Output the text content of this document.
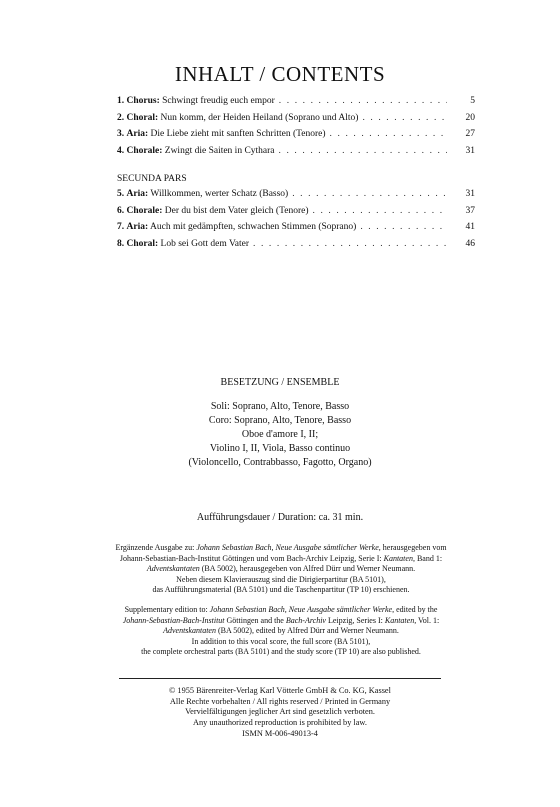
INHALT / CONTENTS
1. Chorus: Schwingt freudig euch empor . . .	5
2. Choral: Nun komm, der Heiden Heiland (Soprano und Alto) . . .	20
3. Aria: Die Liebe zieht mit sanften Schritten (Tenore) . . .	27
4. Chorale: Zwingt die Saiten in Cythara . . .	31
SECUNDA PARS
5. Aria: Willkommen, werter Schatz (Basso) . . .	31
6. Chorale: Der du bist dem Vater gleich (Tenore) . . .	37
7. Aria: Auch mit gedämpften, schwachen Stimmen (Soprano) . . .	41
8. Choral: Lob sei Gott dem Vater . . .	46
BESETZUNG / ENSEMBLE
Soli: Soprano, Alto, Tenore, Basso
Coro: Soprano, Alto, Tenore, Basso
Oboe d'amore I, II;
Violino I, II, Viola, Basso continuo
(Violoncello, Contrabbasso, Fagotto, Organo)
Aufführungsdauer / Duration: ca. 31 min.
Ergänzende Ausgabe zu: Johann Sebastian Bach, Neue Ausgabe sämtlicher Werke, herausgegeben vom
Johann-Sebastian-Bach-Institut Göttingen und vom Bach-Archiv Leipzig, Serie I: Kantaten, Band 1:
Adventskantaten (BA 5002), herausgegeben von Alfred Dürr und Werner Neumann.
Neben diesem Klavierauszug sind die Dirigierpartitur (BA 5101),
das Aufführungsmaterial (BA 5101) und die Taschenpartitur (TP 10) erschienen.
Supplementary edition to: Johann Sebastian Bach, Neue Ausgabe sämtlicher Werke, edited by the
Johann-Sebastian-Bach-Institut Göttingen and the Bach-Archiv Leipzig, Series I: Kantaten, Vol. 1:
Adventskantaten (BA 5002), edited by Alfred Dürr and Werner Neumann.
In addition to this vocal score, the full score (BA 5101),
the complete orchestral parts (BA 5101) and the study score (TP 10) are also published.
© 1955 Bärenreiter-Verlag Karl Vötterle GmbH & Co. KG, Kassel
Alle Rechte vorbehalten / All rights reserved / Printed in Germany
Vervielfältigungen jeglicher Art sind gesetzlich verboten.
Any unauthorized reproduction is prohibited by law.
ISMN M-006-49013-4
